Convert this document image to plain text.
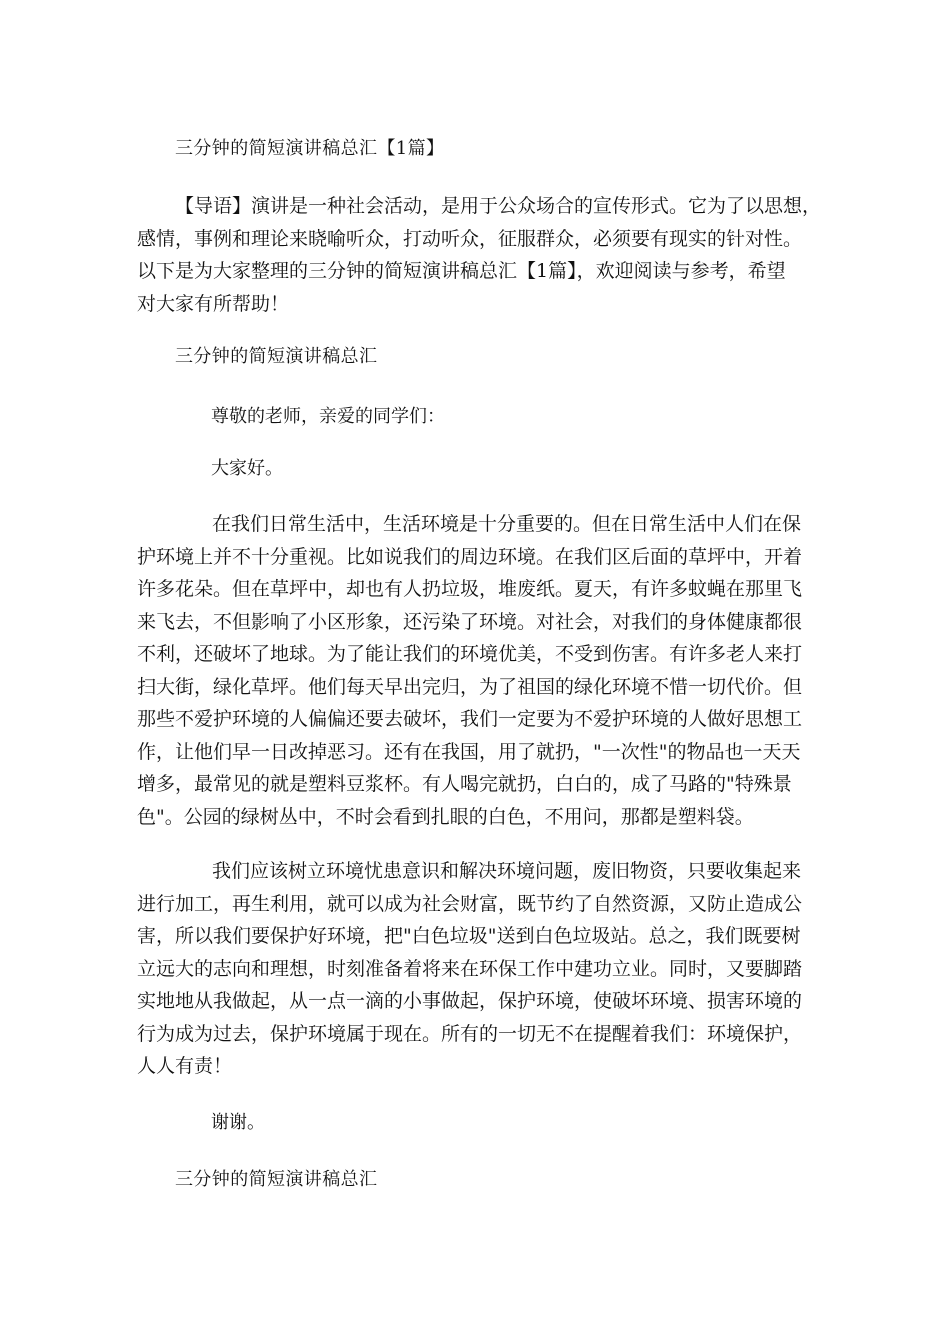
三分钟的简短演讲稿总汇【1篇】
【导语】演讲是一种社会活动，是用于公众场合的宣传形式。它为了以思想，
感情，事例和理论来晓喻听众，打动听众，征服群众，必须要有现实的针对性。
以下是为大家整理的三分钟的简短演讲稿总汇【1篇】，欢迎阅读与参考，希望
对大家有所帮助！
三分钟的简短演讲稿总汇
尊敬的老师，亲爱的同学们：
大家好。
在我们日常生活中，生活环境是十分重要的。但在日常生活中人们在保
护环境上并不十分重视。比如说我们的周边环境。在我们区后面的草坪中，开着
许多花朵。但在草坪中，却也有人扔垃圾，堆废纸。夏天，有许多蚊蝇在那里飞
来飞去，不但影响了小区形象，还污染了环境。对社会，对我们的身体健康都很
不利，还破坏了地球。为了能让我们的环境优美，不受到伤害。有许多老人来打
扫大街，绿化草坪。他们每天早出完归，为了祖国的绿化环境不惜一切代价。但
那些不爱护环境的人偏偏还要去破坏，我们一定要为不爱护环境的人做好思想工
作，让他们早一日改掉恶习。还有在我国，用了就扔，"一次性"的物品也一天天
增多，最常见的就是塑料豆浆杯。有人喝完就扔，白白的，成了马路的"特殊景
色"。公园的绿树丛中，不时会看到扎眼的白色，不用问，那都是塑料袋。
我们应该树立环境忧患意识和解决环境问题，废旧物资，只要收集起来
进行加工，再生利用，就可以成为社会财富，既节约了自然资源，又防止造成公
害，所以我们要保护好环境，把"白色垃圾"送到白色垃圾站。总之，我们既要树
立远大的志向和理想，时刻准备着将来在环保工作中建功立业。同时，又要脚踏
实地地从我做起，从一点一滴的小事做起，保护环境，使破坏环境、损害环境的
行为成为过去，保护环境属于现在。所有的一切无不在提醒着我们：环境保护，
人人有责！
谢谢。
三分钟的简短演讲稿总汇
